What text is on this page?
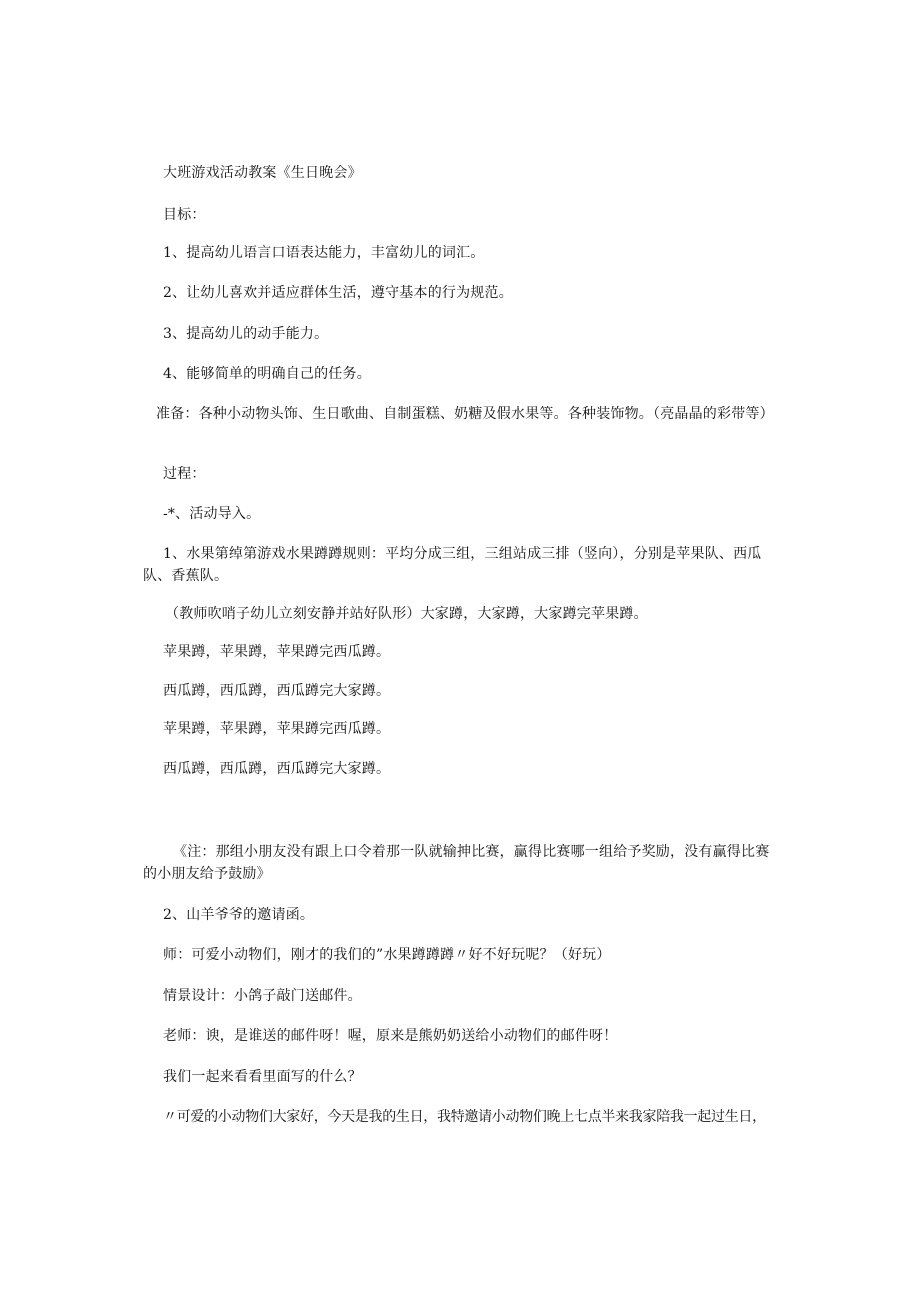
大班游戏活动教案《生日晚会》
目标：
1、提高幼儿语言口语表达能力，丰富幼儿的词汇。
2、让幼儿喜欢并适应群体生活，遵守基本的行为规范。
3、提高幼儿的动手能力。
4、能够简单的明确自己的任务。
准备：各种小动物头饰、生日歌曲、自制蛋糕、奶糖及假水果等。各种装饰物。（亮晶晶的彩带等）
过程：
-*、活动导入。
1、水果第绰第游戏水果蹲蹲规则：平均分成三组，三组站成三排（竖向），分别是苹果队、西瓜队、香蕉队。
（教师吹哨子幼儿立刻安静并站好队形）大家蹲，大家蹲，大家蹲完苹果蹲。
苹果蹲，苹果蹲，苹果蹲完西瓜蹲。
西瓜蹲，西瓜蹲，西瓜蹲完大家蹲。
苹果蹲，苹果蹲，苹果蹲完西瓜蹲。
西瓜蹲，西瓜蹲，西瓜蹲完大家蹲。
《注：那组小朋友没有跟上口令着那一队就输抻比赛，赢得比赛哪一组给予奖励，没有赢得比赛的小朋友给予鼓励》
2、山羊爷爷的邀请函。
师：可爱小动物们，刚才的我们的”水果蹲蹲蹲〃好不好玩呢？（好玩）
情景设计：小鸽子敲门送邮件。
老师：谀，是谁送的邮件呀！喔，原来是熊奶奶送给小动物们的邮件呀！
我们一起来看看里面写的什么？
〃可爱的小动物们大家好，今天是我的生日，我特邀请小动物们晚上七点半来我家陪我一起过生日，
